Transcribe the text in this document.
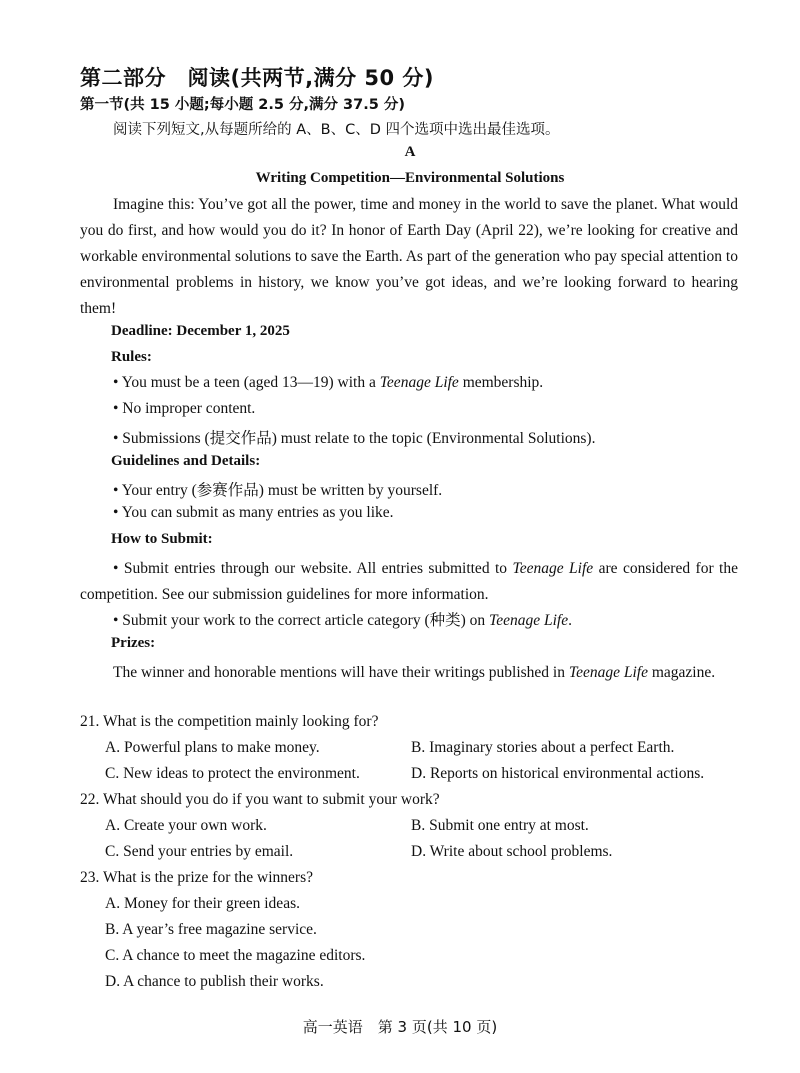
第二部分　阅读(共两节,满分 50 分)
第一节(共 15 小题;每小题 2.5 分,满分 37.5 分)
阅读下列短文,从每题所给的 A、B、C、D 四个选项中选出最佳选项。
A
Writing Competition—Environmental Solutions
Imagine this: You’ve got all the power, time and money in the world to save the planet. What would you do first, and how would you do it? In honor of Earth Day (April 22), we’re looking for creative and workable environmental solutions to save the Earth. As part of the generation who pay special attention to environmental problems in history, we know you’ve got ideas, and we’re looking forward to hearing them!
Deadline: December 1, 2025
Rules:
• You must be a teen (aged 13—19) with a Teenage Life membership.
• No improper content.
• Submissions (提交作品) must relate to the topic (Environmental Solutions).
Guidelines and Details:
• Your entry (参赛作品) must be written by yourself.
• You can submit as many entries as you like.
How to Submit:
• Submit entries through our website. All entries submitted to Teenage Life are considered for the competition. See our submission guidelines for more information.
• Submit your work to the correct article category (种类) on Teenage Life.
Prizes:
The winner and honorable mentions will have their writings published in Teenage Life magazine.
21. What is the competition mainly looking for?
A. Powerful plans to make money.	B. Imaginary stories about a perfect Earth.
C. New ideas to protect the environment.	D. Reports on historical environmental actions.
22. What should you do if you want to submit your work?
A. Create your own work.	B. Submit one entry at most.
C. Send your entries by email.	D. Write about school problems.
23. What is the prize for the winners?
A. Money for their green ideas.
B. A year’s free magazine service.
C. A chance to meet the magazine editors.
D. A chance to publish their works.
高一英语　第 3 页(共 10 页)
